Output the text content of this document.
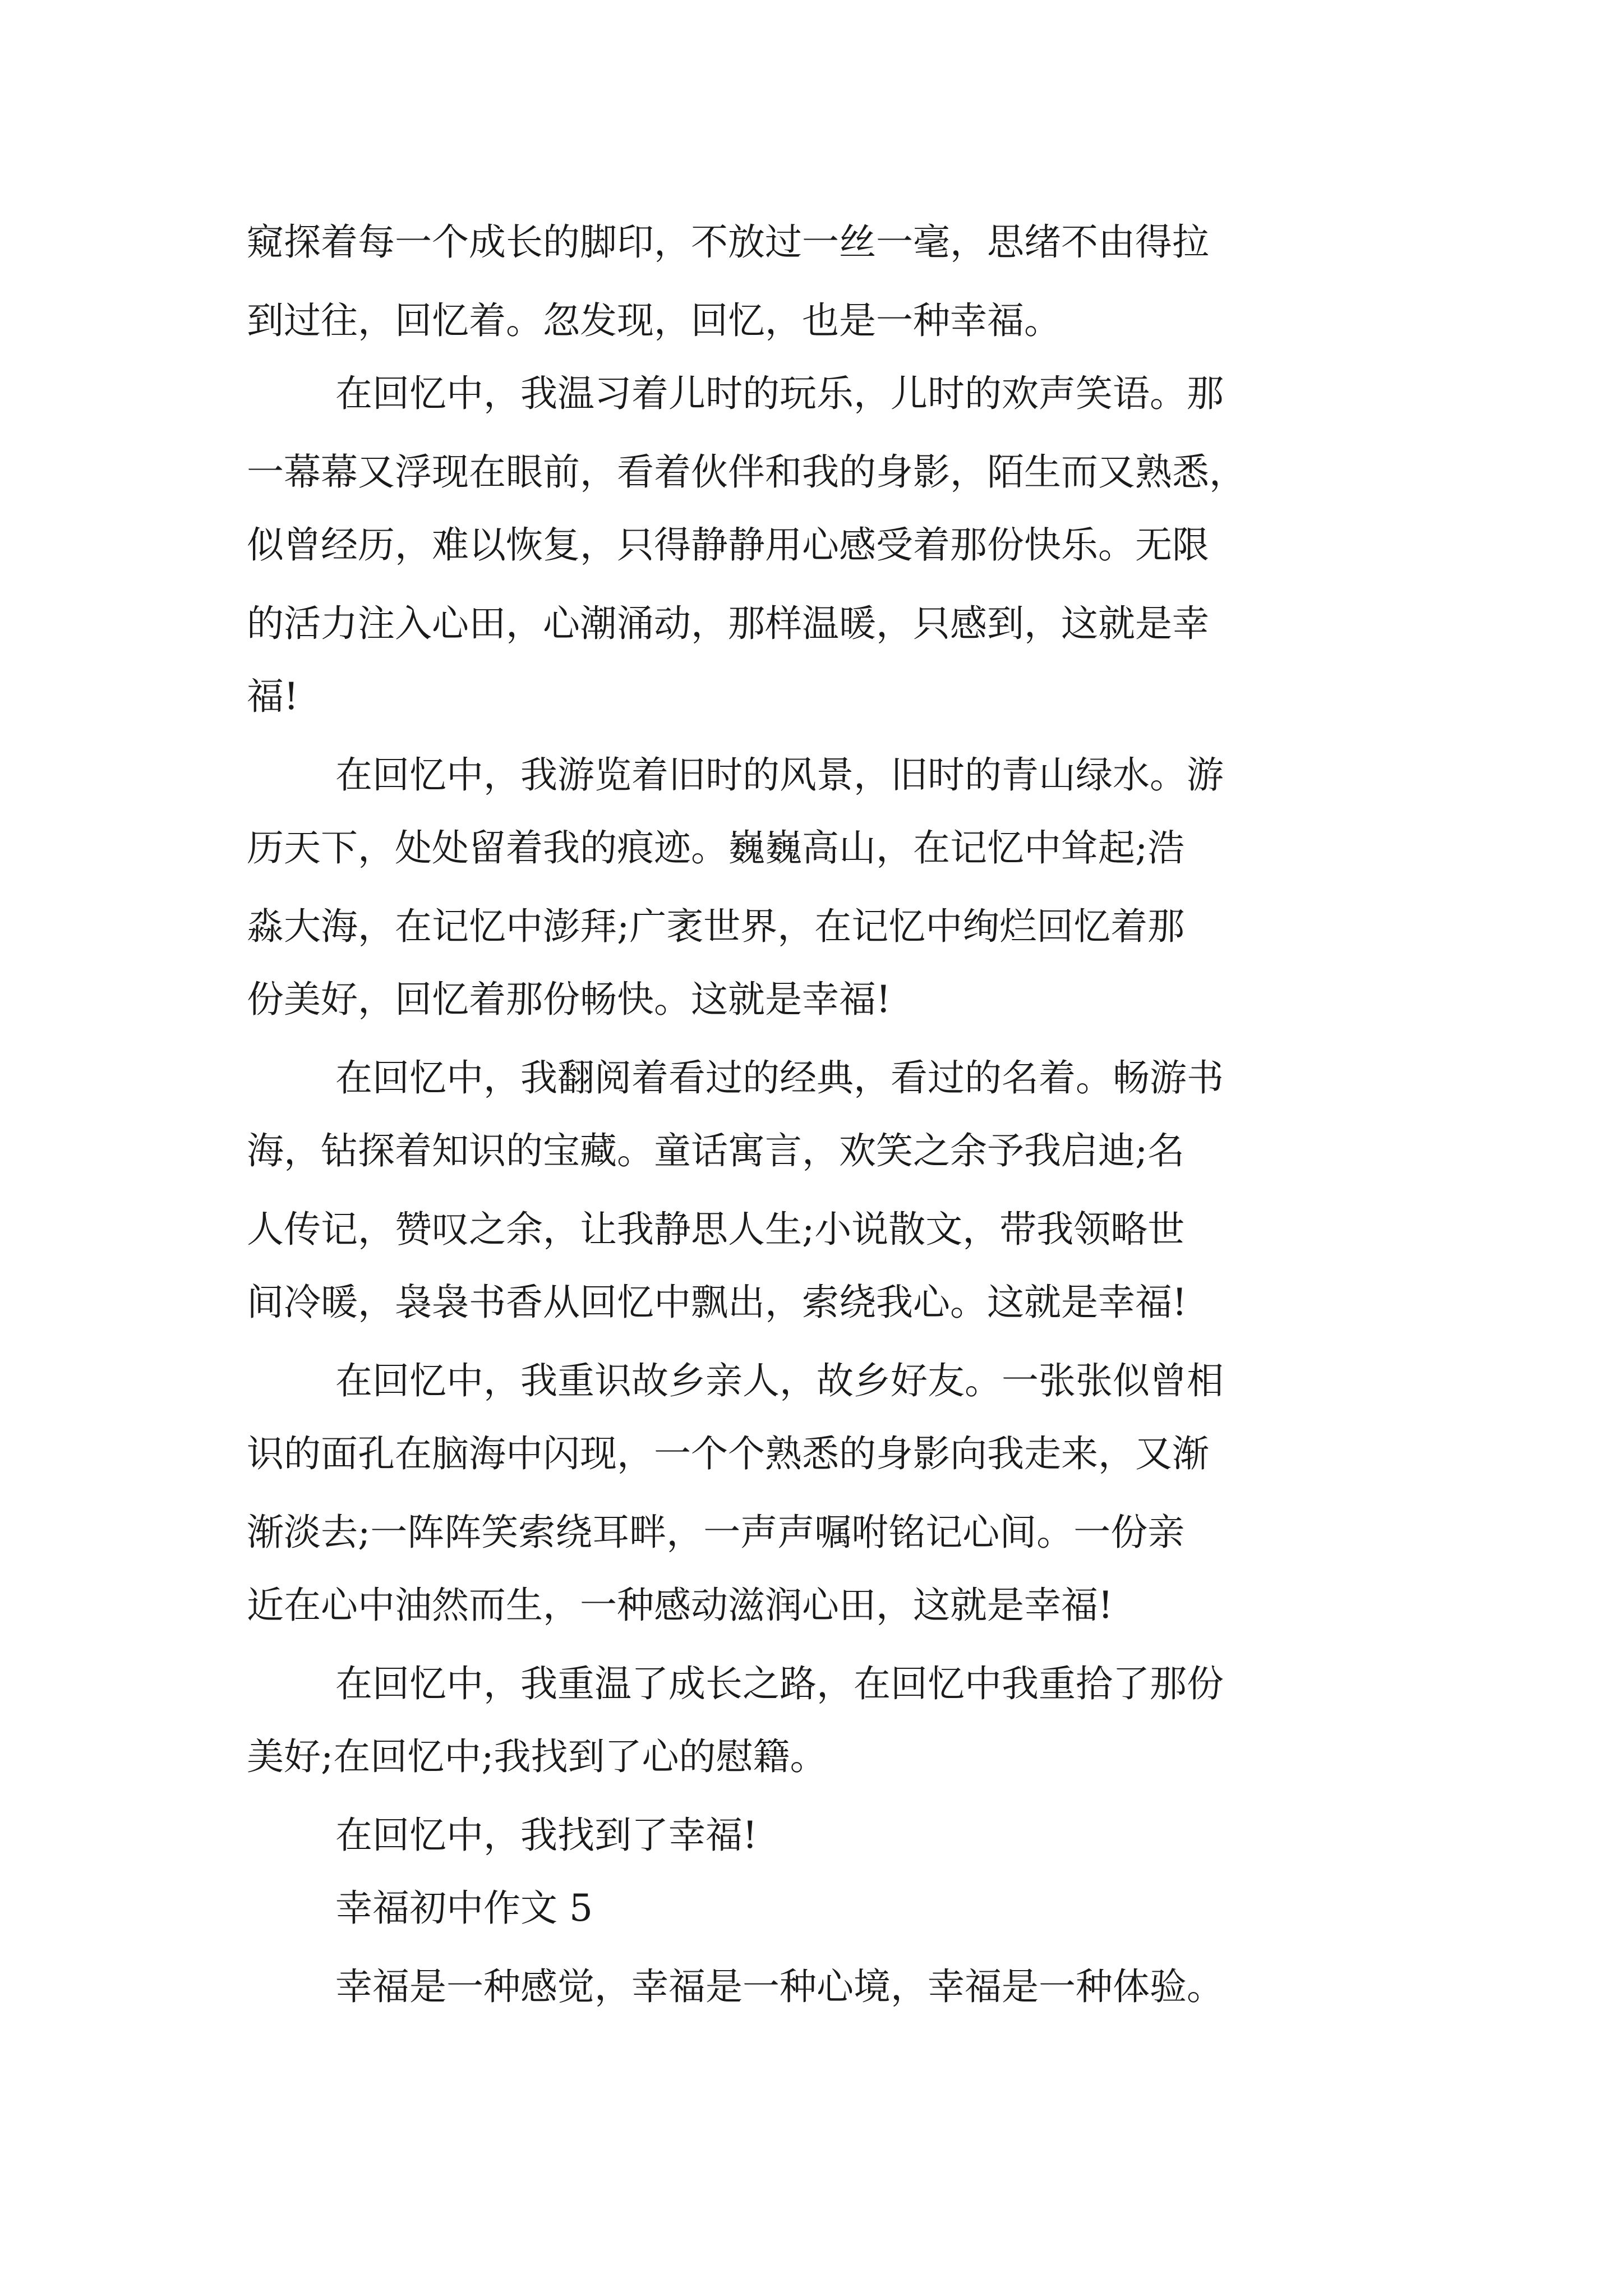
窥探着每一个成长的脚印，不放过一丝一毫，思绪不由得拉

到过往，回忆着。忽发现，回忆，也是一种幸福。

在回忆中，我温习着儿时的玩乐，儿时的欢声笑语。那

一幕幕又浮现在眼前，看着伙伴和我的身影，陌生而又熟悉，

似曾经历，难以恢复，只得静静用心感受着那份快乐。无限

的活力注入心田，心潮涌动，那样温暖，只感到，这就是幸

福!

在回忆中，我游览着旧时的风景，旧时的青山绿水。游

历天下，处处留着我的痕迹。巍巍高山，在记忆中耸起;浩

淼大海，在记忆中澎拜;广袤世界，在记忆中绚烂回忆着那

份美好，回忆着那份畅快。这就是幸福!

在回忆中，我翻阅着看过的经典，看过的名着。畅游书

海，钻探着知识的宝藏。童话寓言，欢笑之余予我启迪;名

人传记，赞叹之余，让我静思人生;小说散文，带我领略世

间冷暖，袅袅书香从回忆中飘出，索绕我心。这就是幸福!

在回忆中，我重识故乡亲人，故乡好友。一张张似曾相

识的面孔在脑海中闪现，一个个熟悉的身影向我走来，又渐

渐淡去;一阵阵笑索绕耳畔，一声声嘱咐铭记心间。一份亲

近在心中油然而生，一种感动滋润心田，这就是幸福!

在回忆中，我重温了成长之路，在回忆中我重拾了那份

美好;在回忆中;我找到了心的慰籍。

在回忆中，我找到了幸福!

幸福初中作文 5

幸福是一种感觉，幸福是一种心境，幸福是一种体验。
